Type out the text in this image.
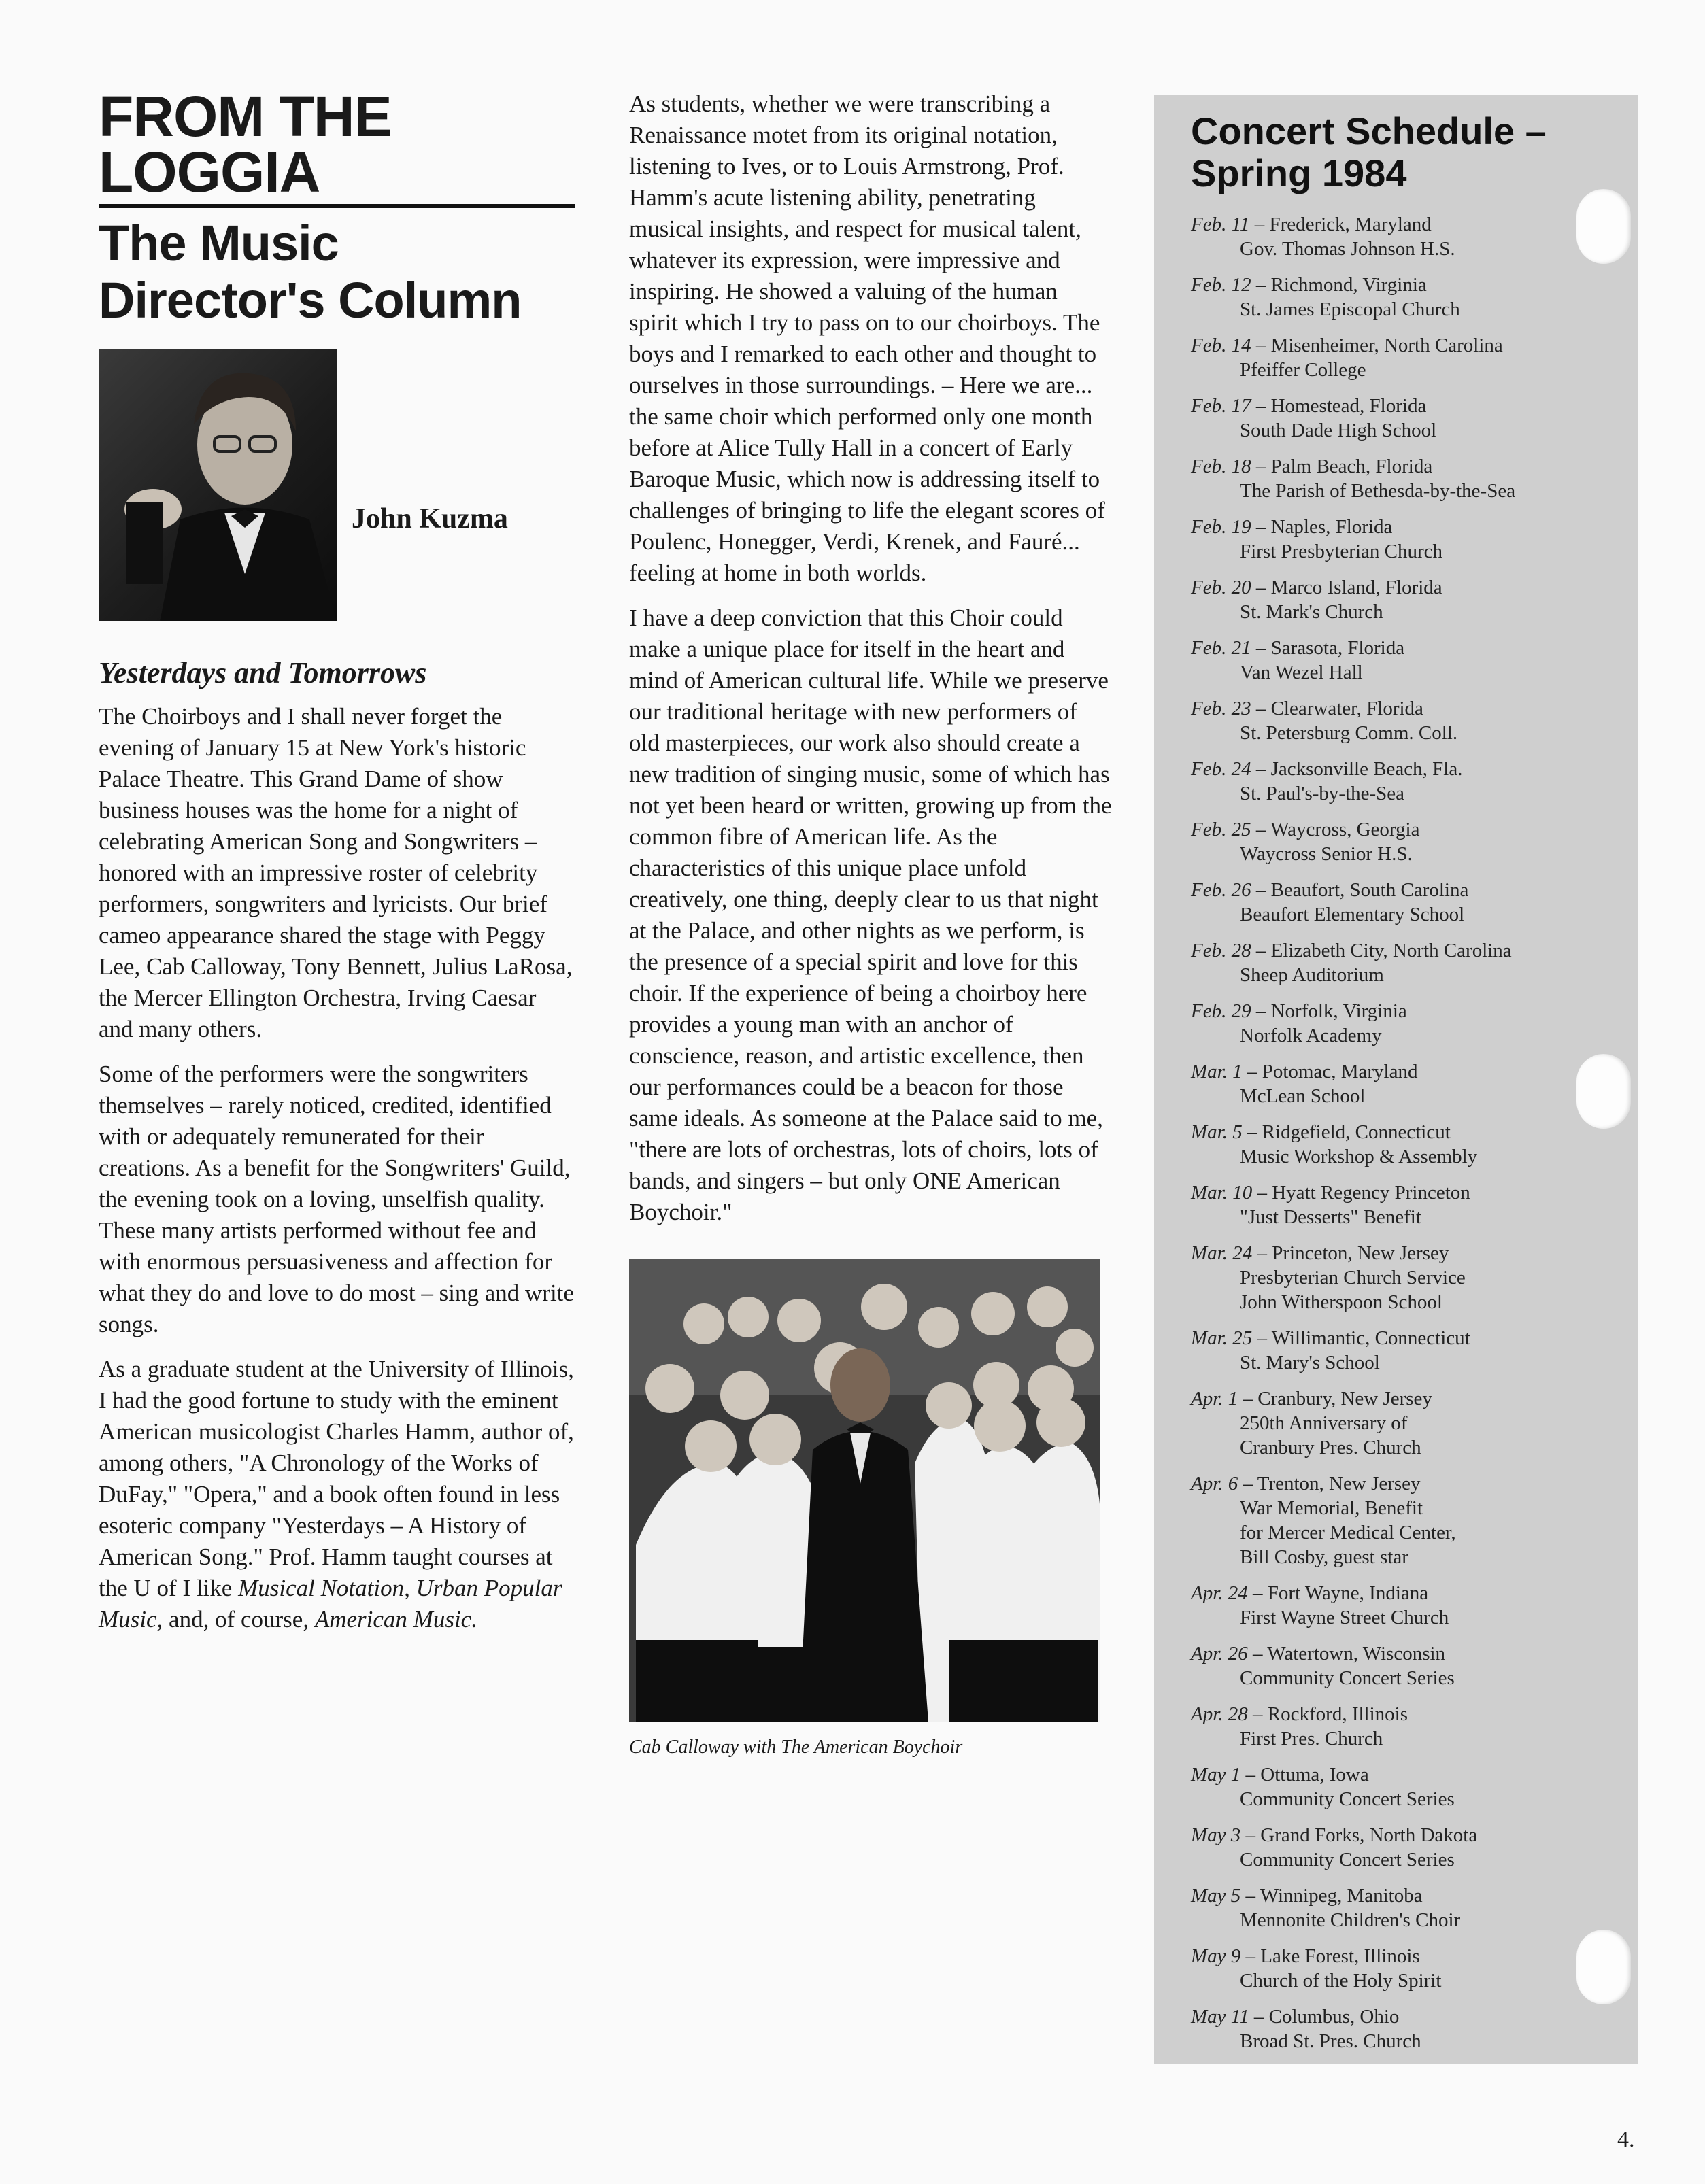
FROM THE LOGGIA
The Music Director's Column
John Kuzma
Yesterdays and Tomorrows

The Choirboys and I shall never forget the evening of January 15 at New York's historic Palace Theatre. This Grand Dame of show business houses was the home for a night of celebrating American Song and Songwriters – honored with an impressive roster of celebrity performers, songwriters and lyricists. Our brief cameo appearance shared the stage with Peggy Lee, Cab Calloway, Tony Bennett, Julius LaRosa, the Mercer Ellington Orchestra, Irving Caesar and many others.

Some of the performers were the songwriters themselves – rarely noticed, credited, identified with or adequately remunerated for their creations. As a benefit for the Songwriters' Guild, the evening took on a loving, unselfish quality. These many artists performed without fee and with enormous persuasiveness and affection for what they do and love to do most – sing and write songs.

As a graduate student at the University of Illinois, I had the good fortune to study with the eminent American musicologist Charles Hamm, author of, among others, "A Chronology of the Works of DuFay," "Opera," and a book often found in less esoteric company "Yesterdays – A History of American Song." Prof. Hamm taught courses at the U of I like Musical Notation, Urban Popular Music, and, of course, American Music.

As students, whether we were transcribing a Renaissance motet from its original notation, listening to Ives, or to Louis Armstrong, Prof. Hamm's acute listening ability, penetrating musical insights, and respect for musical talent, whatever its expression, were impressive and inspiring. He showed a valuing of the human spirit which I try to pass on to our choirboys. The boys and I remarked to each other and thought to ourselves in those surroundings. – Here we are... the same choir which performed only one month before at Alice Tully Hall in a concert of Early Baroque Music, which now is addressing itself to challenges of bringing to life the elegant scores of Poulenc, Honegger, Verdi, Krenek, and Fauré... feeling at home in both worlds.

I have a deep conviction that this Choir could make a unique place for itself in the heart and mind of American cultural life. While we preserve our traditional heritage with new performers of old masterpieces, our work also should create a new tradition of singing music, some of which has not yet been heard or written, growing up from the common fibre of American life. As the characteristics of this unique place unfold creatively, one thing, deeply clear to us that night at the Palace, and other nights as we perform, is the presence of a special spirit and love for this choir. If the experience of being a choirboy here provides a young man with an anchor of conscience, reason, and artistic excellence, then our performances could be a beacon for those same ideals. As someone at the Palace said to me, "there are lots of orchestras, lots of choirs, lots of bands, and singers – but only ONE American Boychoir."

Cab Calloway with The American Boychoir
Concert Schedule – Spring 1984
Feb. 11 – Frederick, Maryland
Gov. Thomas Johnson H.S.
Feb. 12 – Richmond, Virginia
St. James Episcopal Church
Feb. 14 – Misenheimer, North Carolina
Pfeiffer College
Feb. 17 – Homestead, Florida
South Dade High School
Feb. 18 – Palm Beach, Florida
The Parish of Bethesda-by-the-Sea
Feb. 19 – Naples, Florida
First Presbyterian Church
Feb. 20 – Marco Island, Florida
St. Mark's Church
Feb. 21 – Sarasota, Florida
Van Wezel Hall
Feb. 23 – Clearwater, Florida
St. Petersburg Comm. Coll.
Feb. 24 – Jacksonville Beach, Fla.
St. Paul's-by-the-Sea
Feb. 25 – Waycross, Georgia
Waycross Senior H.S.
Feb. 26 – Beaufort, South Carolina
Beaufort Elementary School
Feb. 28 – Elizabeth City, North Carolina
Sheep Auditorium
Feb. 29 – Norfolk, Virginia
Norfolk Academy
Mar. 1 – Potomac, Maryland
McLean School
Mar. 5 – Ridgefield, Connecticut
Music Workshop & Assembly
Mar. 10 – Hyatt Regency Princeton
"Just Desserts" Benefit
Mar. 24 – Princeton, New Jersey
Presbyterian Church Service
John Witherspoon School
Mar. 25 – Willimantic, Connecticut
St. Mary's School
Apr. 1 – Cranbury, New Jersey
250th Anniversary of
Cranbury Pres. Church
Apr. 6 – Trenton, New Jersey
War Memorial, Benefit
for Mercer Medical Center,
Bill Cosby, guest star
Apr. 24 – Fort Wayne, Indiana
First Wayne Street Church
Apr. 26 – Watertown, Wisconsin
Community Concert Series
Apr. 28 – Rockford, Illinois
First Pres. Church
May 1 – Ottuma, Iowa
Community Concert Series
May 3 – Grand Forks, North Dakota
Community Concert Series
May 5 – Winnipeg, Manitoba
Mennonite Children's Choir
May 9 – Lake Forest, Illinois
Church of the Holy Spirit
May 11 – Columbus, Ohio
Broad St. Pres. Church
4.
